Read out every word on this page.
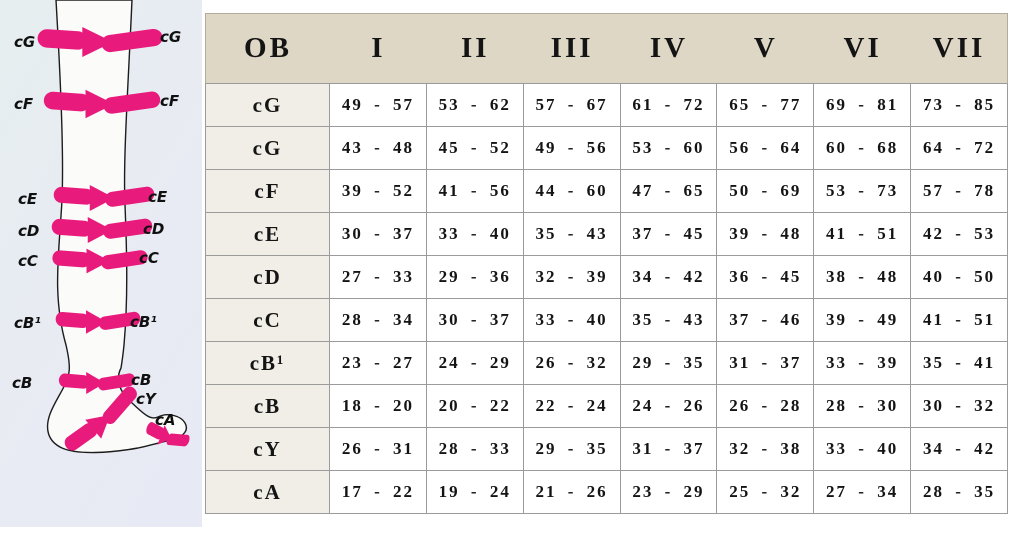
cG
cF
cE
cD
cC
cB¹
cB
cG
cF
cE
cD
cC
cB¹
cB
cY
cA
OB	I	II	III	IV	V	VI	VII
cG	49 - 57	53 - 62	57 - 67	61 - 72	65 - 77	69 - 81	73 - 85
cG	43 - 48	45 - 52	49 - 56	53 - 60	56 - 64	60 - 68	64 - 72
cF	39 - 52	41 - 56	44 - 60	47 - 65	50 - 69	53 - 73	57 - 78
cE	30 - 37	33 - 40	35 - 43	37 - 45	39 - 48	41 - 51	42 - 53
cD	27 - 33	29 - 36	32 - 39	34 - 42	36 - 45	38 - 48	40 - 50
cC	28 - 34	30 - 37	33 - 40	35 - 43	37 - 46	39 - 49	41 - 51
cB¹	23 - 27	24 - 29	26 - 32	29 - 35	31 - 37	33 - 39	35 - 41
cB	18 - 20	20 - 22	22 - 24	24 - 26	26 - 28	28 - 30	30 - 32
cY	26 - 31	28 - 33	29 - 35	31 - 37	32 - 38	33 - 40	34 - 42
cA	17 - 22	19 - 24	21 - 26	23 - 29	25 - 32	27 - 34	28 - 35
